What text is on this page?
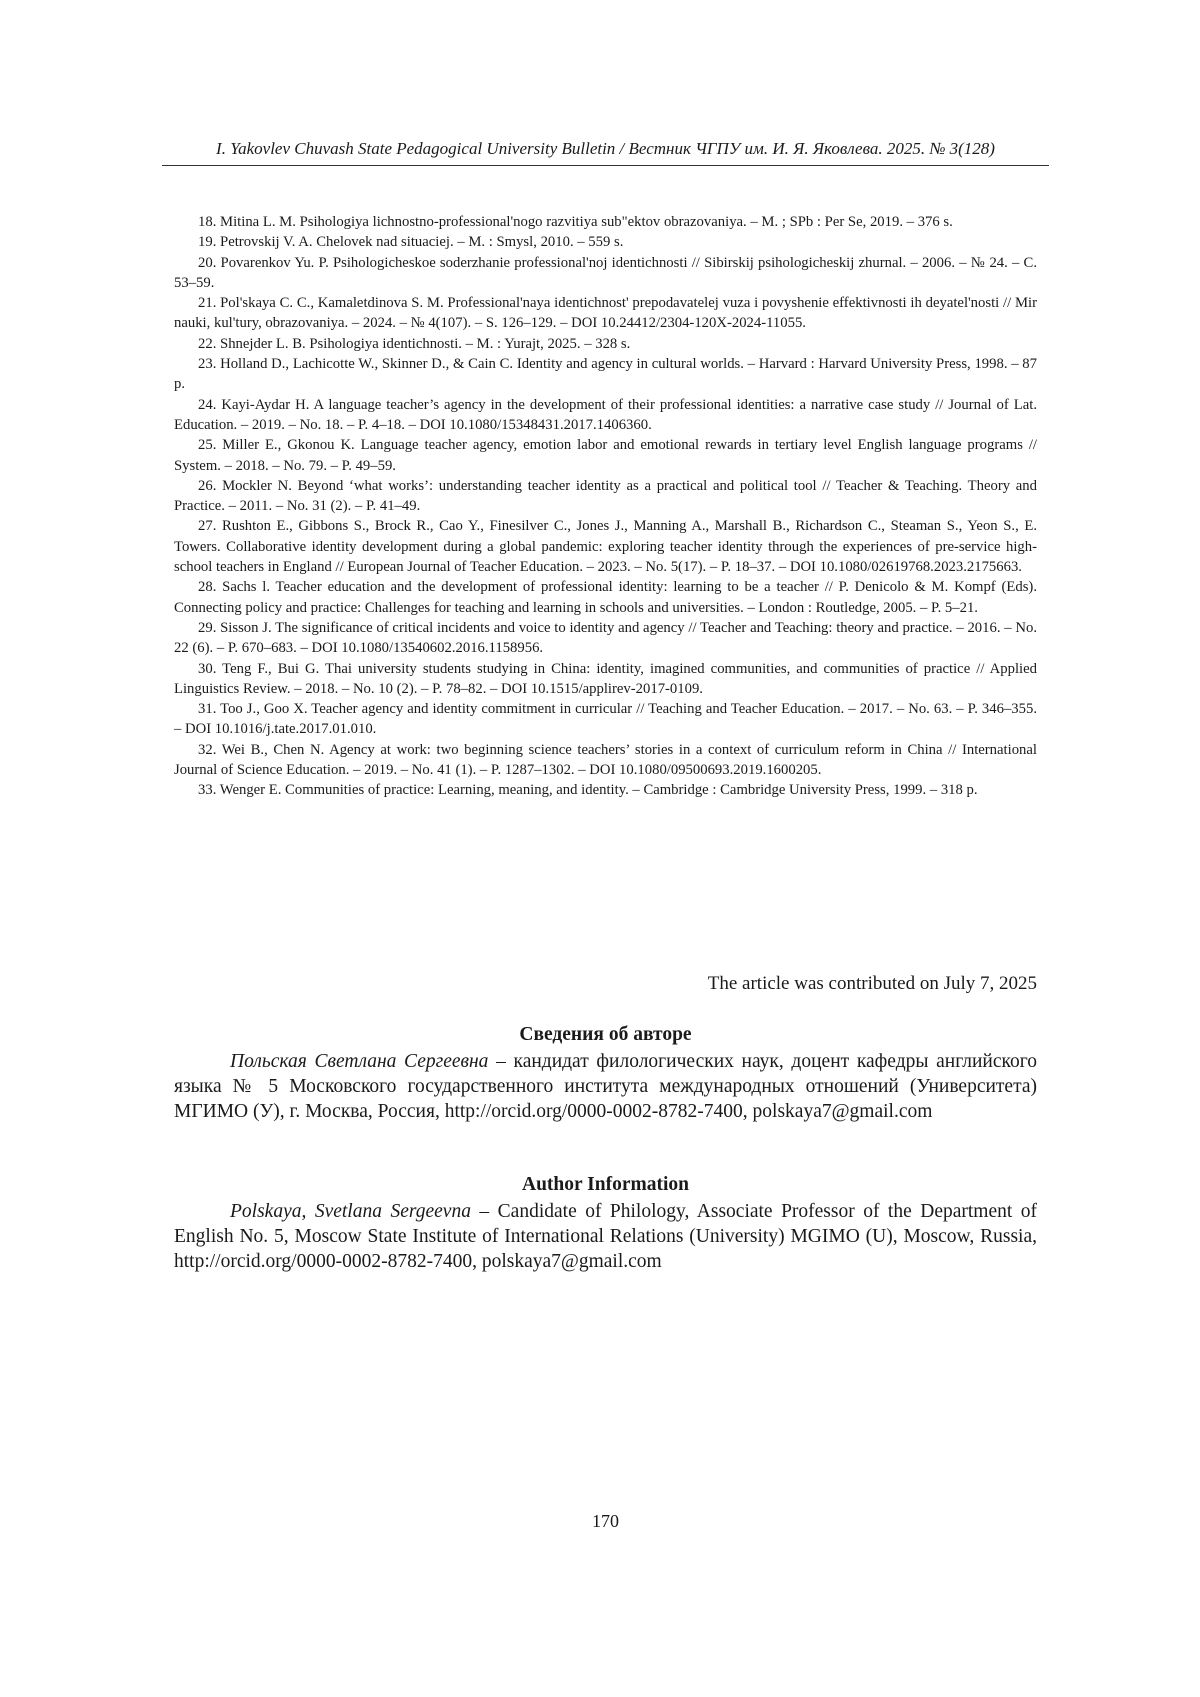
I. Yakovlev Chuvash State Pedagogical University Bulletin / Вестник ЧГПУ им. И. Я. Яковлева. 2025. № 3(128)

18. Mitina L. M. Psihologiya lichnostno-professional'nogo razvitiya sub"ektov obrazovaniya. – M. ; SPb : Per Se, 2019. – 376 s.

19. Petrovskij V. A. Chelovek nad situaciej. – M. : Smysl, 2010. – 559 s.

20. Povarenkov Yu. P. Psihologicheskoe soderzhanie professional'noj identichnosti // Sibirskij psihologicheskij zhurnal. – 2006. – № 24. – C. 53–59.

21. Pol'skaya C. C., Kamaletdinova S. M. Professional'naya identichnost' prepodavatelej vuza i povyshenie effektivnosti ih deyatel'nosti // Mir nauki, kul'tury, obrazovaniya. – 2024. – № 4(107). – S. 126–129. – DOI 10.24412/2304-120X-2024-11055.

22. Shnejder L. B. Psihologiya identichnosti. – M. : Yurajt, 2025. – 328 s.

23. Holland D., Lachicotte W., Skinner D., & Cain C. Identity and agency in cultural worlds. – Harvard : Harvard University Press, 1998. – 87 p.

24. Kayi-Aydar H. A language teacher’s agency in the development of their professional identities: a narrative case study // Journal of Lat. Education. – 2019. – No. 18. – P. 4–18. – DOI 10.1080/15348431.2017.1406360.

25. Miller E., Gkonou K. Language teacher agency, emotion labor and emotional rewards in tertiary level English language programs // System. – 2018. – No. 79. – P. 49–59.

26. Mockler N. Beyond ‘what works’: understanding teacher identity as a practical and political tool // Teacher & Teaching. Theory and Practice. – 2011. – No. 31 (2). – P. 41–49.

27. Rushton E., Gibbons S., Brock R., Cao Y., Finesilver C., Jones J., Manning A., Marshall B., Richardson C., Steaman S., Yeon S., E. Towers. Collaborative identity development during a global pandemic: exploring teacher identity through the experiences of pre-service high-school teachers in England // European Journal of Teacher Education. – 2023. – No. 5(17). – P. 18–37. – DOI 10.1080/02619768.2023.2175663.

28. Sachs l. Teacher education and the development of professional identity: learning to be a teacher // P. Denicolo & M. Kompf (Eds). Connecting policy and practice: Challenges for teaching and learning in schools and universities. – London : Routledge, 2005. – P. 5–21.

29. Sisson J. The significance of critical incidents and voice to identity and agency // Teacher and Teaching: theory and practice. – 2016. – No. 22 (6). – P. 670–683. – DOI 10.1080/13540602.2016.1158956.

30. Teng F., Bui G. Thai university students studying in China: identity, imagined communities, and communities of practice // Applied Linguistics Review. – 2018. – No. 10 (2). – P. 78–82. – DOI 10.1515/applirev-2017-0109.

31. Too J., Goo X. Teacher agency and identity commitment in curricular // Teaching and Teacher Education. – 2017. – No. 63. – P. 346–355. – DOI 10.1016/j.tate.2017.01.010.

32. Wei B., Chen N. Agency at work: two beginning science teachers’ stories in a context of curriculum reform in China // International Journal of Science Education. – 2019. – No. 41 (1). – P. 1287–1302. – DOI 10.1080/09500693.2019.1600205.

33. Wenger E. Communities of practice: Learning, meaning, and identity. – Cambridge : Cambridge University Press, 1999. – 318 p.

The article was contributed on July 7, 2025
Сведения об авторе

Польская Светлана Сергеевна – кандидат филологических наук, доцент кафедры английского языка № 5 Московского государственного института международных отношений (Университета) МГИМО (У), г. Москва, Россия, http://orcid.org/0000-0002-8782-7400, polskaya7@gmail.com

Author Information

Polskaya, Svetlana Sergeevna – Candidate of Philology, Associate Professor of the Department of English No. 5, Moscow State Institute of International Relations (University) MGIMO (U), Moscow, Russia, http://orcid.org/0000-0002-8782-7400, polskaya7@gmail.com

170
